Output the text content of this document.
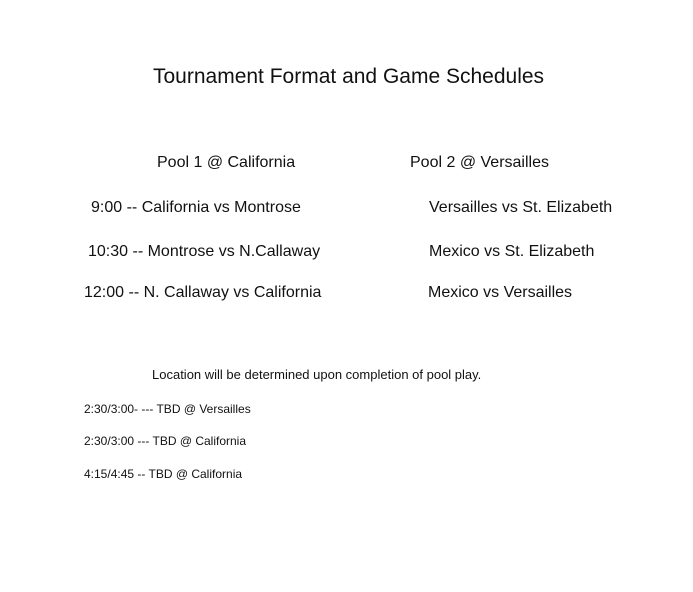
Tournament Format and Game Schedules
Pool 1 @ California	Pool 2 @ Versailles
9:00 -- California vs Montrose	Versailles vs St. Elizabeth
10:30 -- Montrose vs N.Callaway	Mexico vs St. Elizabeth
12:00 -- N. Callaway vs California	Mexico vs Versailles
Location will be determined upon completion of pool play.
2:30/3:00- --- TBD @ Versailles
2:30/3:00 --- TBD @ California
4:15/4:45 -- TBD @ California
